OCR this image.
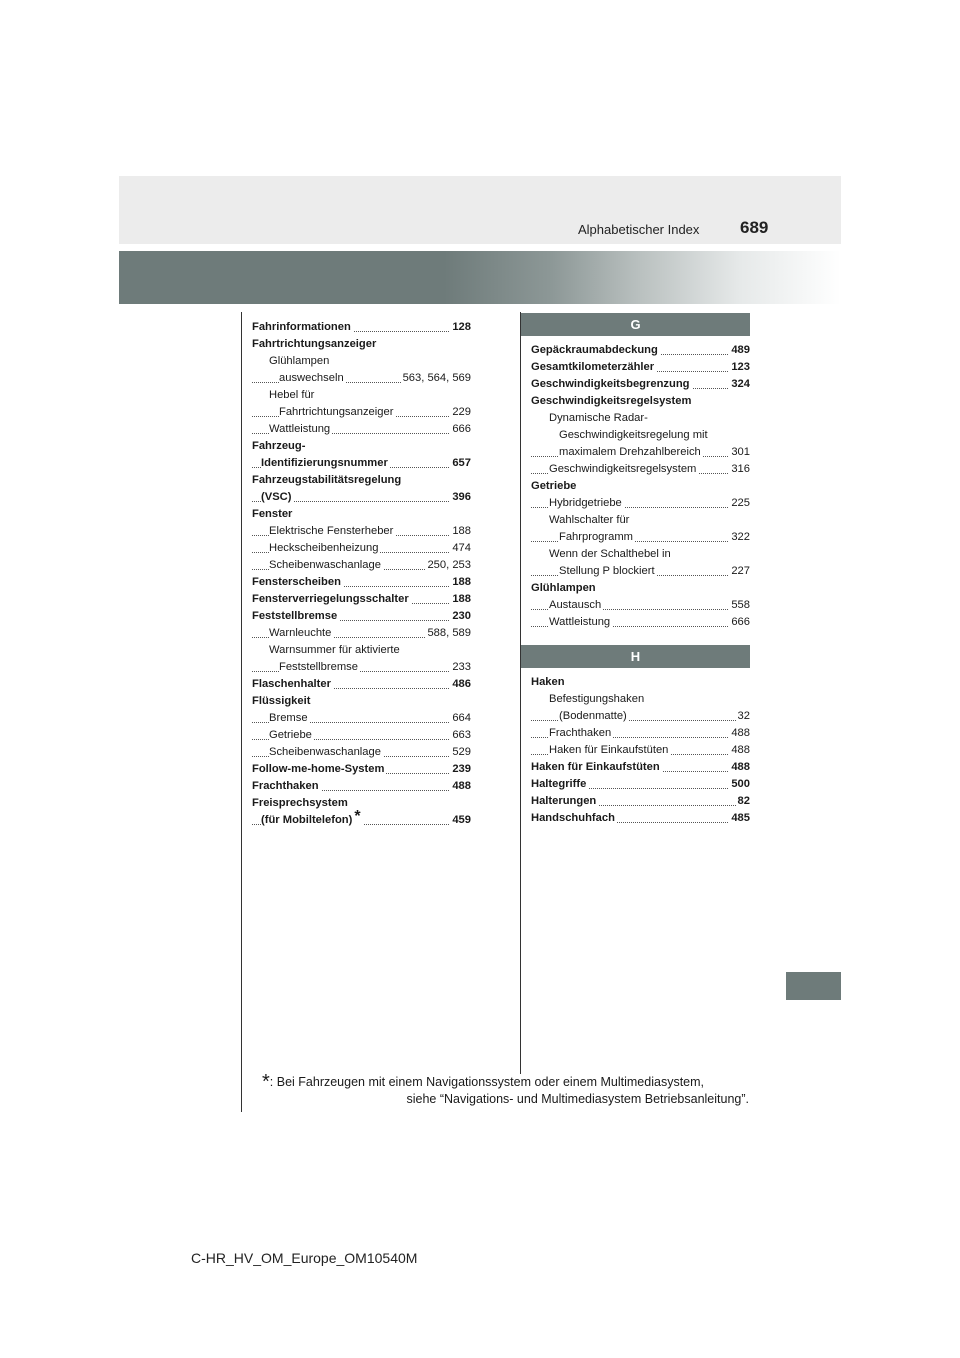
Alphabetischer Index 689
Fahrinformationen	128
Fahrtrichtungsanzeiger
Glühlampen
auswechseln	563, 564, 569
Hebel für
Fahrtrichtungsanzeiger	229
Wattleistung	666
Fahrzeug-
Identifizierungsnummer	657
Fahrzeugstabilitätsregelung
(VSC)	396
Fenster
Elektrische Fensterheber	188
Heckscheibenheizung	474
Scheibenwaschanlage	250, 253
Fensterscheiben	188
Fensterverriegelungsschalter	188
Feststellbremse	230
Warnleuchte	588, 589
Warnsummer für aktivierte
Feststellbremse	233
Flaschenhalter	486
Flüssigkeit
Bremse	664
Getriebe	663
Scheibenwaschanlage	529
Follow-me-home-System	239
Frachthaken	488
Freisprechsystem
(für Mobiltelefon) *	459
G
Gepäckraumabdeckung	489
Gesamtkilometerzähler	123
Geschwindigkeitsbegrenzung	324
Geschwindigkeitsregelsystem
Dynamische Radar-
Geschwindigkeitsregelung mit
maximalem Drehzahlbereich	301
Geschwindigkeitsregelsystem	316
Getriebe
Hybridgetriebe	225
Wahlschalter für
Fahrprogramm	322
Wenn der Schalthebel in
Stellung P blockiert	227
Glühlampen
Austausch	558
Wattleistung	666
H
Haken
Befestigungshaken
(Bodenmatte)	32
Frachthaken	488
Haken für Einkaufstüten	488
Haken für Einkaufstüten	488
Haltegriffe	500
Halterungen	82
Handschuhfach	485
*: Bei Fahrzeugen mit einem Navigationssystem oder einem Multimediasystem,
siehe “Navigations- und Multimediasystem Betriebsanleitung”.
C-HR_HV_OM_Europe_OM10540M
